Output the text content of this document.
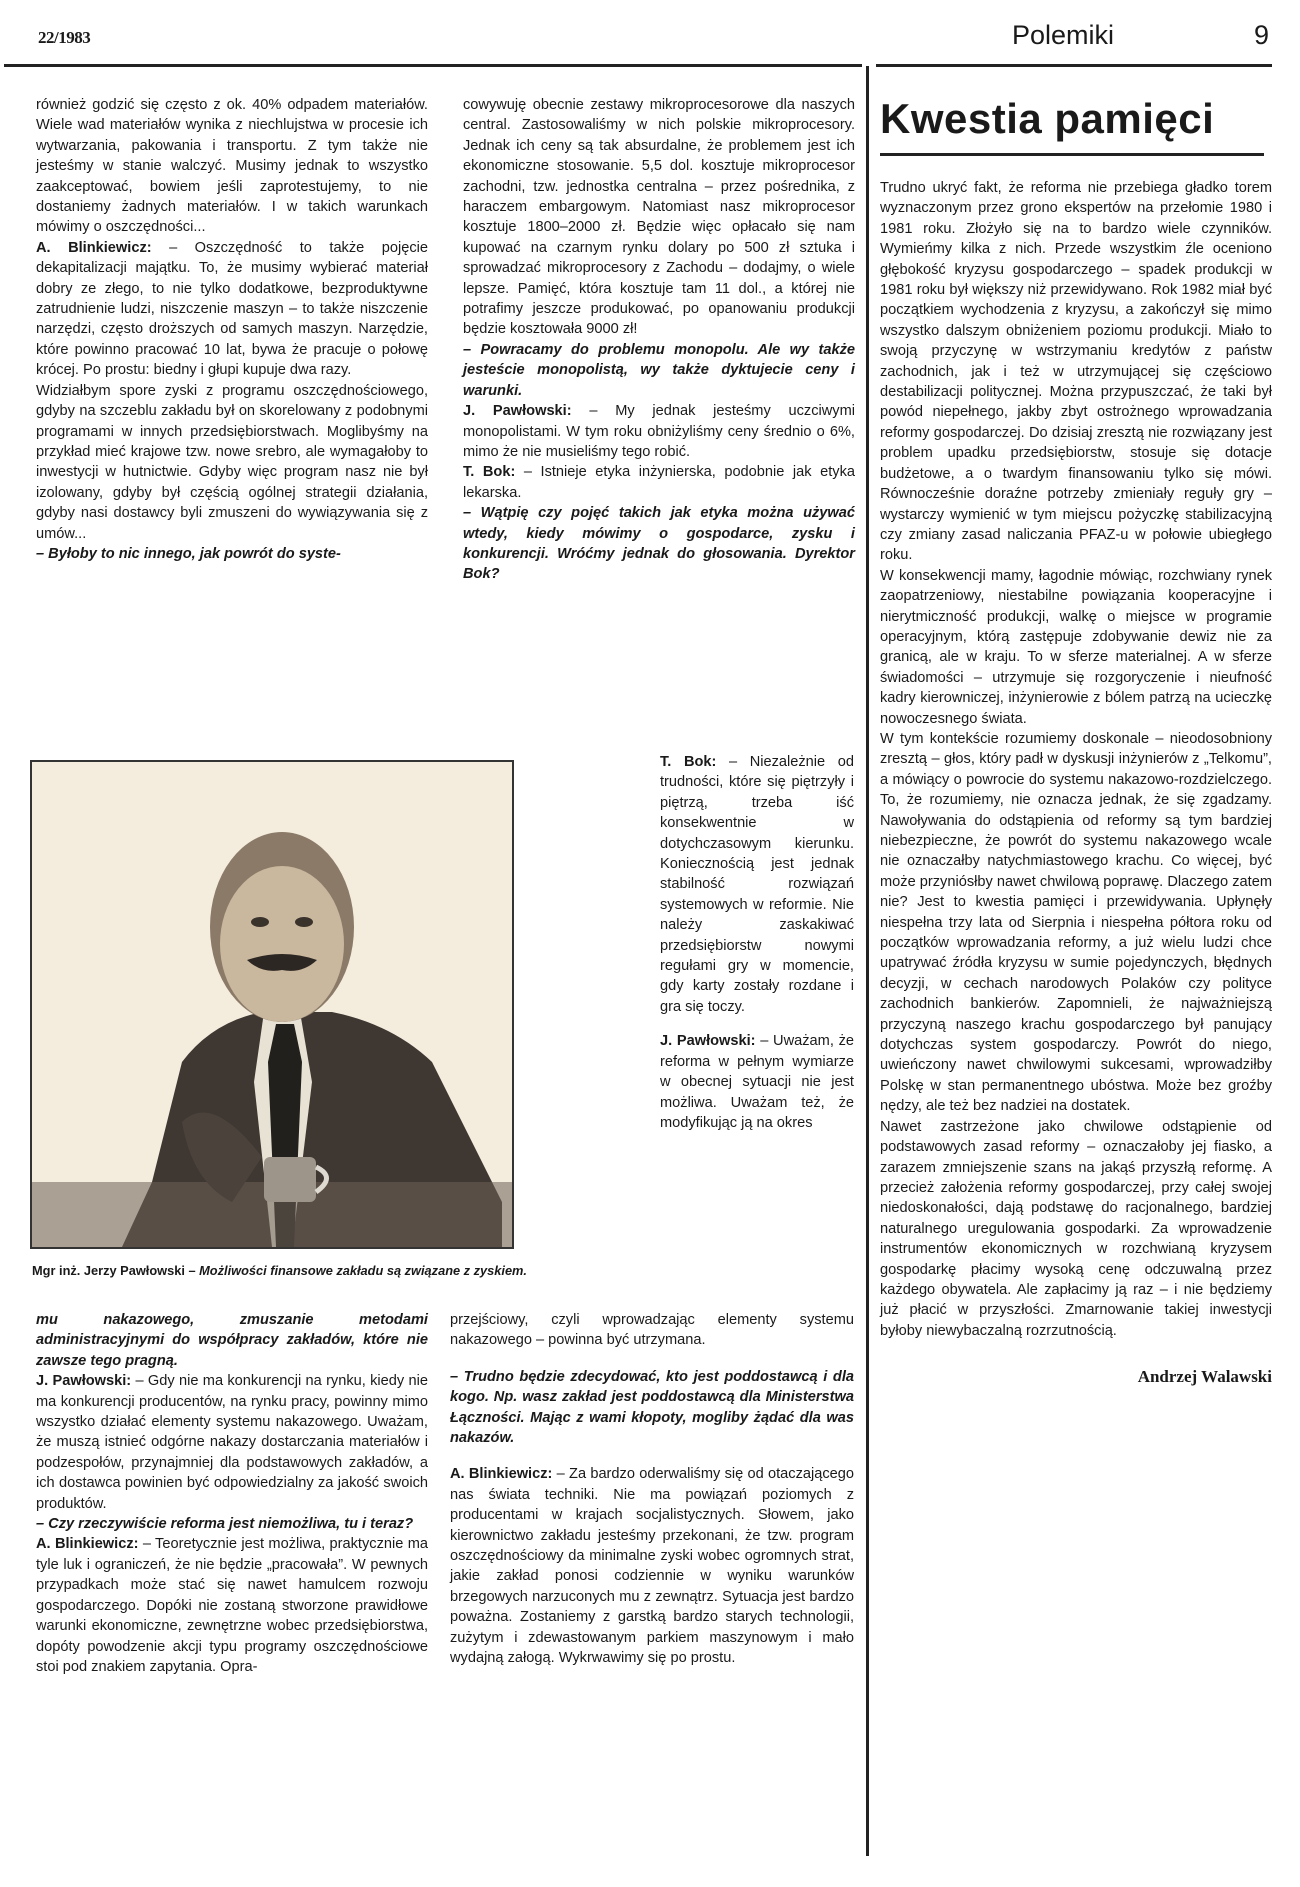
22/1983	Polemiki	9

również godzić się często z ok. 40% odpadem materiałów. Wiele wad materiałów wynika z niechlujstwa w procesie ich wytwarzania, pakowania i transportu. Z tym także nie jesteśmy w stanie walczyć. Musimy jednak to wszystko zaakceptować, bowiem jeśli zaprotestujemy, to nie dostaniemy żadnych materiałów. I w takich warunkach mówimy o oszczędności...

A. Blinkiewicz: – Oszczędność to także pojęcie dekapitalizacji majątku. To, że musimy wybierać materiał dobry ze złego, to nie tylko dodatkowe, bezproduktywne zatrudnienie ludzi, niszczenie maszyn – to także niszczenie narzędzi, często droższych od samych maszyn. Narzędzie, które powinno pracować 10 lat, bywa że pracuje o połowę krócej. Po prostu: biedny i głupi kupuje dwa razy.

Widziałbym spore zyski z programu oszczędnościowego, gdyby na szczeblu zakładu był on skorelowany z podobnymi programami w innych przedsiębiorstwach. Moglibyśmy na przykład mieć krajowe tzw. nowe srebro, ale wymagałoby to inwestycji w hutnictwie. Gdyby więc program nasz nie był izolowany, gdyby był częścią ogólnej strategii działania, gdyby nasi dostawcy byli zmuszeni do wywiązywania się z umów...

– Byłoby to nic innego, jak powrót do syste-

cowywuję obecnie zestawy mikroprocesorowe dla naszych central. Zastosowaliśmy w nich polskie mikroprocesory. Jednak ich ceny są tak absurdalne, że problemem jest ich ekonomiczne stosowanie. 5,5 dol. kosztuje mikroprocesor zachodni, tzw. jednostka centralna – przez pośrednika, z haraczem embargowym. Natomiast nasz mikroprocesor kosztuje 1800–2000 zł. Będzie więc opłacało się nam kupować na czarnym rynku dolary po 500 zł sztuka i sprowadzać mikroprocesory z Zachodu – dodajmy, o wiele lepsze. Pamięć, która kosztuje tam 11 dol., a której nie potrafimy jeszcze produkować, po opanowaniu produkcji będzie kosztowała 9000 zł!

– Powracamy do problemu monopolu. Ale wy także jesteście monopolistą, wy także dyktujecie ceny i warunki.

J. Pawłowski: – My jednak jesteśmy uczciwymi monopolistami. W tym roku obniżyliśmy ceny średnio o 6%, mimo że nie musieliśmy tego robić.

T. Bok: – Istnieje etyka inżynierska, podobnie jak etyka lekarska.

– Wątpię czy pojęć takich jak etyka można używać wtedy, kiedy mówimy o gospodarce, zysku i konkurencji. Wróćmy jednak do głosowania. Dyrektor Bok?

Mgr inż. Jerzy Pawłowski – Możliwości finansowe zakładu są związane z zyskiem.

T. Bok: – Niezależnie od trudności, które się piętrzyły i piętrzą, trzeba iść konsekwentnie w dotychczasowym kierunku. Koniecznością jest jednak stabilność rozwiązań systemowych w reformie. Nie należy zaskakiwać przedsiębiorstw nowymi regułami gry w momencie, gdy karty zostały rozdane i gra się toczy.

J. Pawłowski: – Uważam, że reforma w pełnym wymiarze w obecnej sytuacji nie jest możliwa. Uważam też, że modyfikując ją na okres

mu nakazowego, zmuszanie metodami administracyjnymi do współpracy zakładów, które nie zawsze tego pragną.

J. Pawłowski: – Gdy nie ma konkurencji na rynku, kiedy nie ma konkurencji producentów, na rynku pracy, powinny mimo wszystko działać elementy systemu nakazowego. Uważam, że muszą istnieć odgórne nakazy dostarczania materiałów i podzespołów, przynajmniej dla podstawowych zakładów, a ich dostawca powinien być odpowiedzialny za jakość swoich produktów.

– Czy rzeczywiście reforma jest niemożliwa, tu i teraz?

A. Blinkiewicz: – Teoretycznie jest możliwa, praktycznie ma tyle luk i ograniczeń, że nie będzie „pracowała”. W pewnych przypadkach może stać się nawet hamulcem rozwoju gospodarczego. Dopóki nie zostaną stworzone prawidłowe warunki ekonomiczne, zewnętrzne wobec przedsiębiorstwa, dopóty powodzenie akcji typu programy oszczędnościowe stoi pod znakiem zapytania. Opra-

przejściowy, czyli wprowadzając elementy systemu nakazowego – powinna być utrzymana.

– Trudno będzie zdecydować, kto jest poddostawcą i dla kogo. Np. wasz zakład jest poddostawcą dla Ministerstwa Łączności. Mając z wami kłopoty, mogliby żądać dla was nakazów.

A. Blinkiewicz: – Za bardzo oderwaliśmy się od otaczającego nas świata techniki. Nie ma powiązań poziomych z producentami w krajach socjalistycznych. Słowem, jako kierownictwo zakładu jesteśmy przekonani, że tzw. program oszczędnościowy da minimalne zyski wobec ogromnych strat, jakie zakład ponosi codziennie w wyniku warunków brzegowych narzuconych mu z zewnątrz. Sytuacja jest bardzo poważna. Zostaniemy z garstką bardzo starych technologii, zużytym i zdewastowanym parkiem maszynowym i mało wydajną załogą. Wykrwawimy się po prostu.

Kwestia pamięci

Trudno ukryć fakt, że reforma nie przebiega gładko torem wyznaczonym przez grono ekspertów na przełomie 1980 i 1981 roku. Złożyło się na to bardzo wiele czynników. Wymieńmy kilka z nich. Przede wszystkim źle oceniono głębokość kryzysu gospodarczego – spadek produkcji w 1981 roku był większy niż przewidywano. Rok 1982 miał być początkiem wychodzenia z kryzysu, a zakończył się mimo wszystko dalszym obniżeniem poziomu produkcji. Miało to swoją przyczynę w wstrzymaniu kredytów z państw zachodnich, jak i też w utrzymującej się częściowo destabilizacji politycznej. Można przypuszczać, że taki był powód niepełnego, jakby zbyt ostrożnego wprowadzania reformy gospodarczej. Do dzisiaj zresztą nie rozwiązany jest problem upadku przedsiębiorstw, stosuje się dotacje budżetowe, a o twardym finansowaniu tylko się mówi. Równocześnie doraźne potrzeby zmieniały reguły gry – wystarczy wymienić w tym miejscu pożyczkę stabilizacyjną czy zmiany zasad naliczania PFAZ-u w połowie ubiegłego roku.

W konsekwencji mamy, łagodnie mówiąc, rozchwiany rynek zaopatrzeniowy, niestabilne powiązania kooperacyjne i nierytmiczność produkcji, walkę o miejsce w programie operacyjnym, którą zastępuje zdobywanie dewiz nie za granicą, ale w kraju. To w sferze materialnej. A w sferze świadomości – utrzymuje się rozgoryczenie i nieufność kadry kierowniczej, inżynierowie z bólem patrzą na ucieczkę nowoczesnego świata.

W tym kontekście rozumiemy doskonale – nieodosobniony zresztą – głos, który padł w dyskusji inżynierów z „Telkomu”, a mówiący o powrocie do systemu nakazowo-rozdzielczego. To, że rozumiemy, nie oznacza jednak, że się zgadzamy. Nawoływania do odstąpienia od reformy są tym bardziej niebezpieczne, że powrót do systemu nakazowego wcale nie oznaczałby natychmiastowego krachu. Co więcej, być może przyniósłby nawet chwilową poprawę. Dlaczego zatem nie? Jest to kwestia pamięci i przewidywania. Upłynęły niespełna trzy lata od Sierpnia i niespełna półtora roku od początków wprowadzania reformy, a już wielu ludzi chce upatrywać źródła kryzysu w sumie pojedynczych, błędnych decyzji, w cechach narodowych Polaków czy polityce zachodnich bankierów. Zapomnieli, że najważniejszą przyczyną naszego krachu gospodarczego był panujący dotychczas system gospodarczy. Powrót do niego, uwieńczony nawet chwilowymi sukcesami, wprowadziłby Polskę w stan permanentnego ubóstwa. Może bez groźby nędzy, ale też bez nadziei na dostatek.

Nawet zastrzeżone jako chwilowe odstąpienie od podstawowych zasad reformy – oznaczałoby jej fiasko, a zarazem zmniejszenie szans na jakąś przyszłą reformę. A przecież założenia reformy gospodarczej, przy całej swojej niedoskonałości, dają podstawę do racjonalnego, bardziej naturalnego uregulowania gospodarki. Za wprowadzenie instrumentów ekonomicznych w rozchwianą kryzysem gospodarkę płacimy wysoką cenę odczuwalną przez każdego obywatela. Ale zapłacimy ją raz – i nie będziemy już płacić w przyszłości. Zmarnowanie takiej inwestycji byłoby niewybaczalną rozrzutnością.

Andrzej Walawski
